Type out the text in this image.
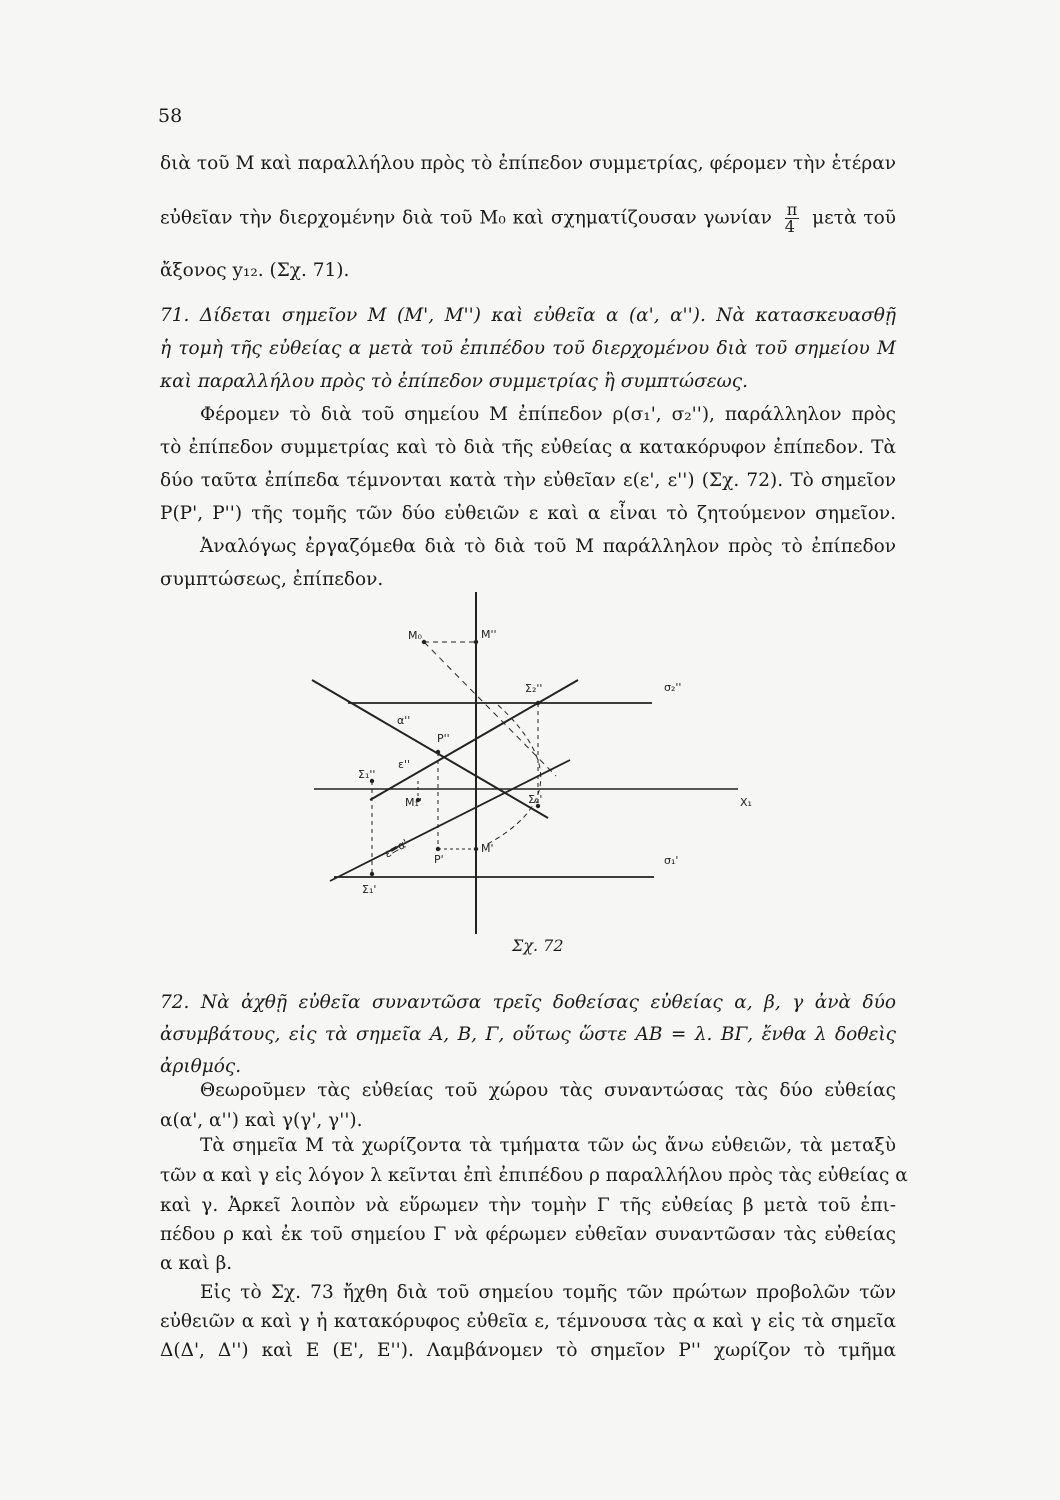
58
διὰ τοῦ Μ καὶ παραλλήλου πρὸς τὸ ἐπίπεδον συμμετρίας, φέρομεν τὴν ἑτέραν
εὐθεῖαν τὴν διερχομένην διὰ τοῦ Μ₀ καὶ σχηματίζουσαν γωνίαν $\frac{\pi}{4}$ μετὰ τοῦ
ἄξονος y₁₂. (Σχ. 71).
71. Δίδεται σημεῖον Μ (Μ', Μ'') καὶ εὐθεῖα α (α', α''). Νὰ κατασκευασθῇ
ἡ τομὴ τῆς εὐθείας α μετὰ τοῦ ἐπιπέδου τοῦ διερχομένου διὰ τοῦ σημείου Μ
καὶ παραλλήλου πρὸς τὸ ἐπίπεδον συμμετρίας ἢ συμπτώσεως.
Φέρομεν τὸ διὰ τοῦ σημείου Μ ἐπίπεδον ρ(σ₁', σ₂''), παράλληλον πρὸς
τὸ ἐπίπεδον συμμετρίας καὶ τὸ διὰ τῆς εὐθείας α κατακόρυφον ἐπίπεδον. Τὰ
δύο ταῦτα ἐπίπεδα τέμνονται κατὰ τὴν εὐθεῖαν ε(ε', ε'') (Σχ. 72). Τὸ σημεῖον
Ρ(Ρ', Ρ'') τῆς τομῆς τῶν δύο εὐθειῶν ε καὶ α εἶναι τὸ ζητούμενον σημεῖον.
Ἀναλόγως ἐργαζόμεθα διὰ τὸ διὰ τοῦ Μ παράλληλον πρὸς τὸ ἐπίπεδον
συμπτώσεως, ἐπίπεδον.
M₀	M''
Σ₂''	σ₂''
α''
P''
ε''
Σ₁''
M₁'	Σ₂'	X₁
ε≡α' P'
M'
σ₁'
Σ₁'
Σχ. 72
72. Νὰ ἀχθῇ εὐθεῖα συναντῶσα τρεῖς δοθείσας εὐθείας α, β, γ ἀνὰ δύο
ἀσυμβάτους, εἰς τὰ σημεῖα Α, Β, Γ, οὕτως ὥστε ΑΒ = λ. ΒΓ, ἔνθα λ δοθεὶς
ἀριθμός.
Θεωροῦμεν τὰς εὐθείας τοῦ χώρου τὰς συναντώσας τὰς δύο εὐθείας
α(α', α'') καὶ γ(γ', γ'').
Τὰ σημεῖα Μ τὰ χωρίζοντα τὰ τμήματα τῶν ὡς ἄνω εὐθειῶν, τὰ μεταξὺ
τῶν α καὶ γ εἰς λόγον λ κεῖνται ἐπὶ ἐπιπέδου ρ παραλλήλου πρὸς τὰς εὐθείας α
καὶ γ. Ἀρκεῖ λοιπὸν νὰ εὕρωμεν τὴν τομὴν Γ τῆς εὐθείας β μετὰ τοῦ ἐπι-
πέδου ρ καὶ ἐκ τοῦ σημείου Γ νὰ φέρωμεν εὐθεῖαν συναντῶσαν τὰς εὐθείας
α καὶ β.
Εἰς τὸ Σχ. 73 ἤχθη διὰ τοῦ σημείου τομῆς τῶν πρώτων προβολῶν τῶν
εὐθειῶν α καὶ γ ἡ κατακόρυφος εὐθεῖα ε, τέμνουσα τὰς α καὶ γ εἰς τὰ σημεῖα
Δ(Δ', Δ'') καὶ Ε (Ε', Ε''). Λαμβάνομεν τὸ σημεῖον Ρ'' χωρίζον τὸ τμῆμα
